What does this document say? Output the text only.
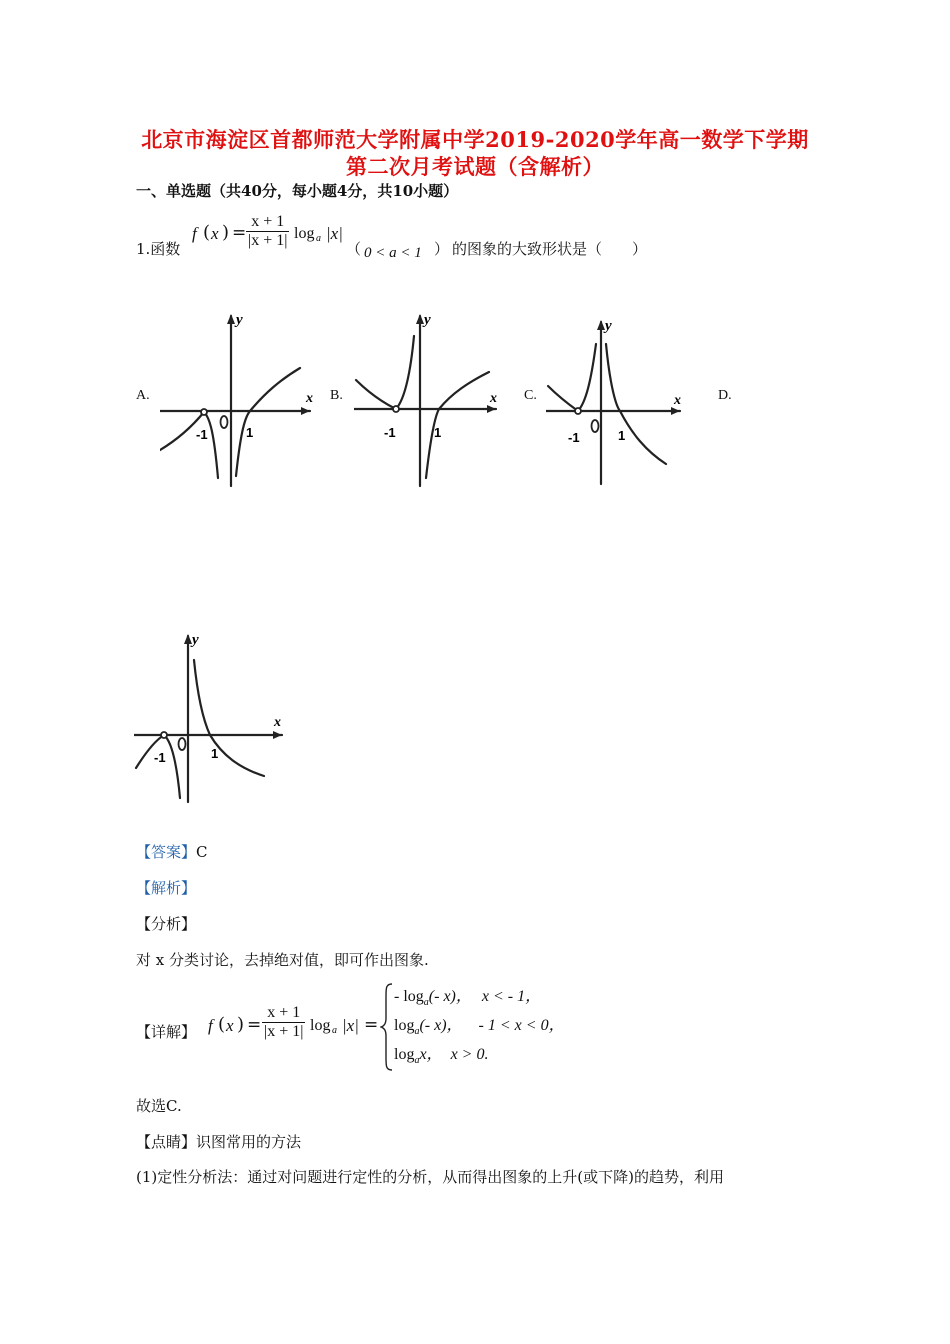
北京市海淀区首都师范大学附属中学2019-2020学年高一数学下学期
第二次月考试题（含解析）
一、单选题（共40分，每小题4分，共10小题）
1.函数
f ( x ) = $\frac{x + 1}{|x + 1|}$ log a |x|
（ 0 < a < 1 ） 的图象的大致形状是（　　）
A.	B.	C.	D.
y
x
-1	1
y
x
-1	1
y
x
-1	1
y
x
-1	1
【答案】C
【解析】
【分析】
对 x 分类讨论，去掉绝对值，即可作出图象.
【详解】 f ( x ) = $\frac{x + 1}{|x + 1|}$ log a |x| =
- $\log_a(-$ x)， x < - 1，
$\log_a(-$ x)， - 1 < x < 0，
$\log_ax$， x > 0.
故选C.
【点睛】识图常用的方法
(1)定性分析法：通过对问题进行定性的分析，从而得出图象的上升(或下降)的趋势，利用
